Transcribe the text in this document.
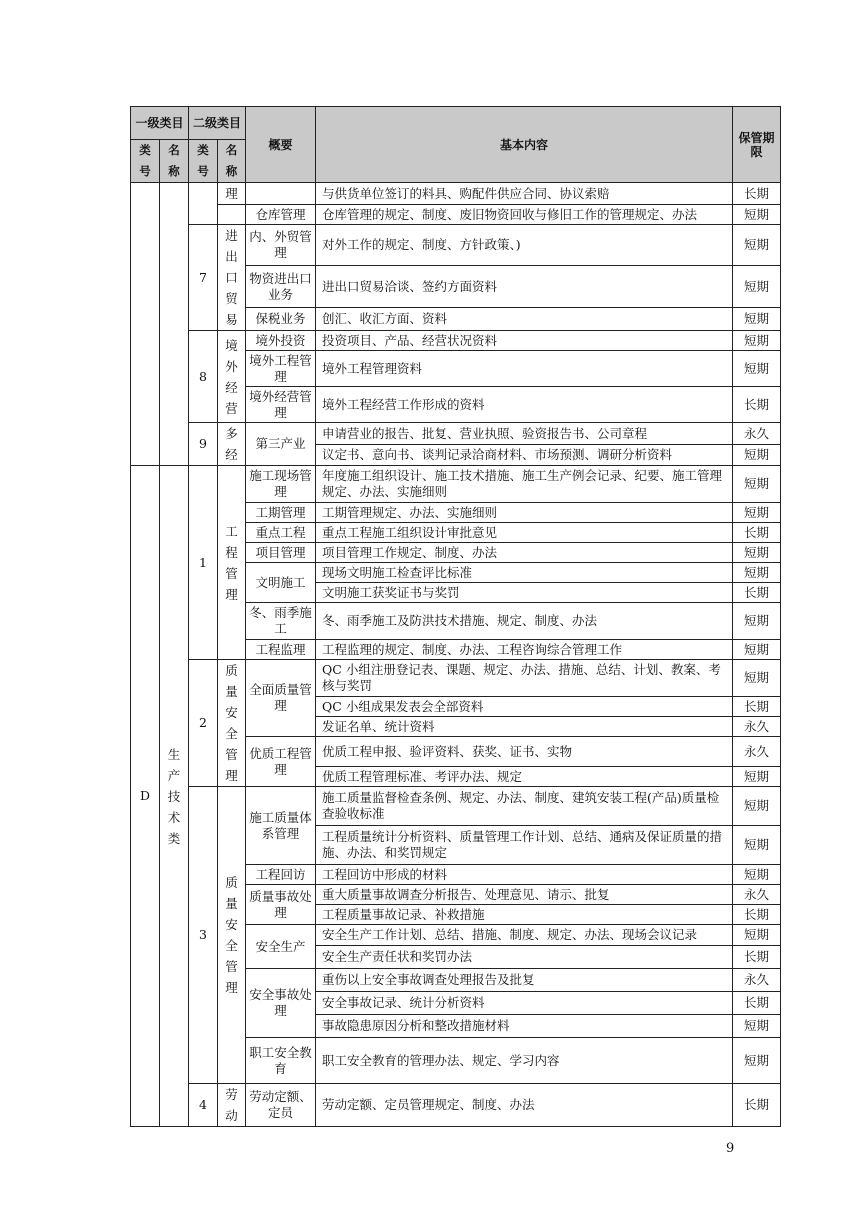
一级类目		二级类目		概要	基本内容	保管期限
类号	名称	类号	名称			
			理		与供货单位签订的料具、购配件供应合同、协议索赔	长期
				仓库管理	仓库管理的规定、制度、废旧物资回收与修旧工作的管理规定、办法	短期
		7	进出口贸易	内、外贸管理	对外工作的规定、制度、方针政策、)	短期
				物资进出口业务	进出口贸易洽谈、签约方面资料	短期
				保税业务	创汇、收汇方面、资料	短期
		8	境外经营	境外投资	投资项目、产品、经营状况资料	短期
				境外工程管理	境外工程管理资料	短期
				境外经营管理	境外工程经营工作形成的资料	长期
		9	多经	第三产业	申请营业的报告、批复、营业执照、验资报告书、公司章程	永久
					议定书、意向书、谈判记录洽商材料、市场预测、调研分析资料	短期
D	生产技术类	1	工程管理	施工现场管理	年度施工组织设计、施工技术措施、施工生产例会记录、纪要、施工管理规定、办法、实施细则	短期
				工期管理	工期管理规定、办法、实施细则	短期
				重点工程	重点工程施工组织设计审批意见	长期
				项目管理	项目管理工作规定、制度、办法	短期
				文明施工	现场文明施工检查评比标准	短期
					文明施工获奖证书与奖罚	长期
				冬、雨季施工	冬、雨季施工及防洪技术措施、规定、制度、办法	短期
				工程监理	工程监理的规定、制度、办法、工程咨询综合管理工作	短期
		2	质量安全管理	全面质量管理	QC 小组注册登记表、课题、规定、办法、措施、总结、计划、教案、考核与奖罚	短期
					QC 小组成果发表会全部资料	长期
					发证名单、统计资料	永久
				优质工程管理	优质工程申报、验评资料、获奖、证书、实物	永久
					优质工程管理标准、考评办法、规定	短期
		3	质量安全管理	施工质量体系管理	施工质量监督检查条例、规定、办法、制度、建筑安装工程(产品)质量检查验收标准	短期
					工程质量统计分析资料、质量管理工作计划、总结、通病及保证质量的措施、办法、和奖罚规定	短期
				工程回访	工程回访中形成的材料	短期
				质量事故处理	重大质量事故调查分析报告、处理意见、请示、批复	永久
					工程质量事故记录、补救措施	长期
				安全生产	安全生产工作计划、总结、措施、制度、规定、办法、现场会议记录	短期
					安全生产责任状和奖罚办法	长期
				安全事故处理	重伤以上安全事故调查处理报告及批复	永久
					安全事故记录、统计分析资料	长期
					事故隐患原因分析和整改措施材料	短期
				职工安全教育	职工安全教育的管理办法、规定、学习内容	短期
		4	劳动	劳动定额、定员	劳动定额、定员管理规定、制度、办法	长期
9
